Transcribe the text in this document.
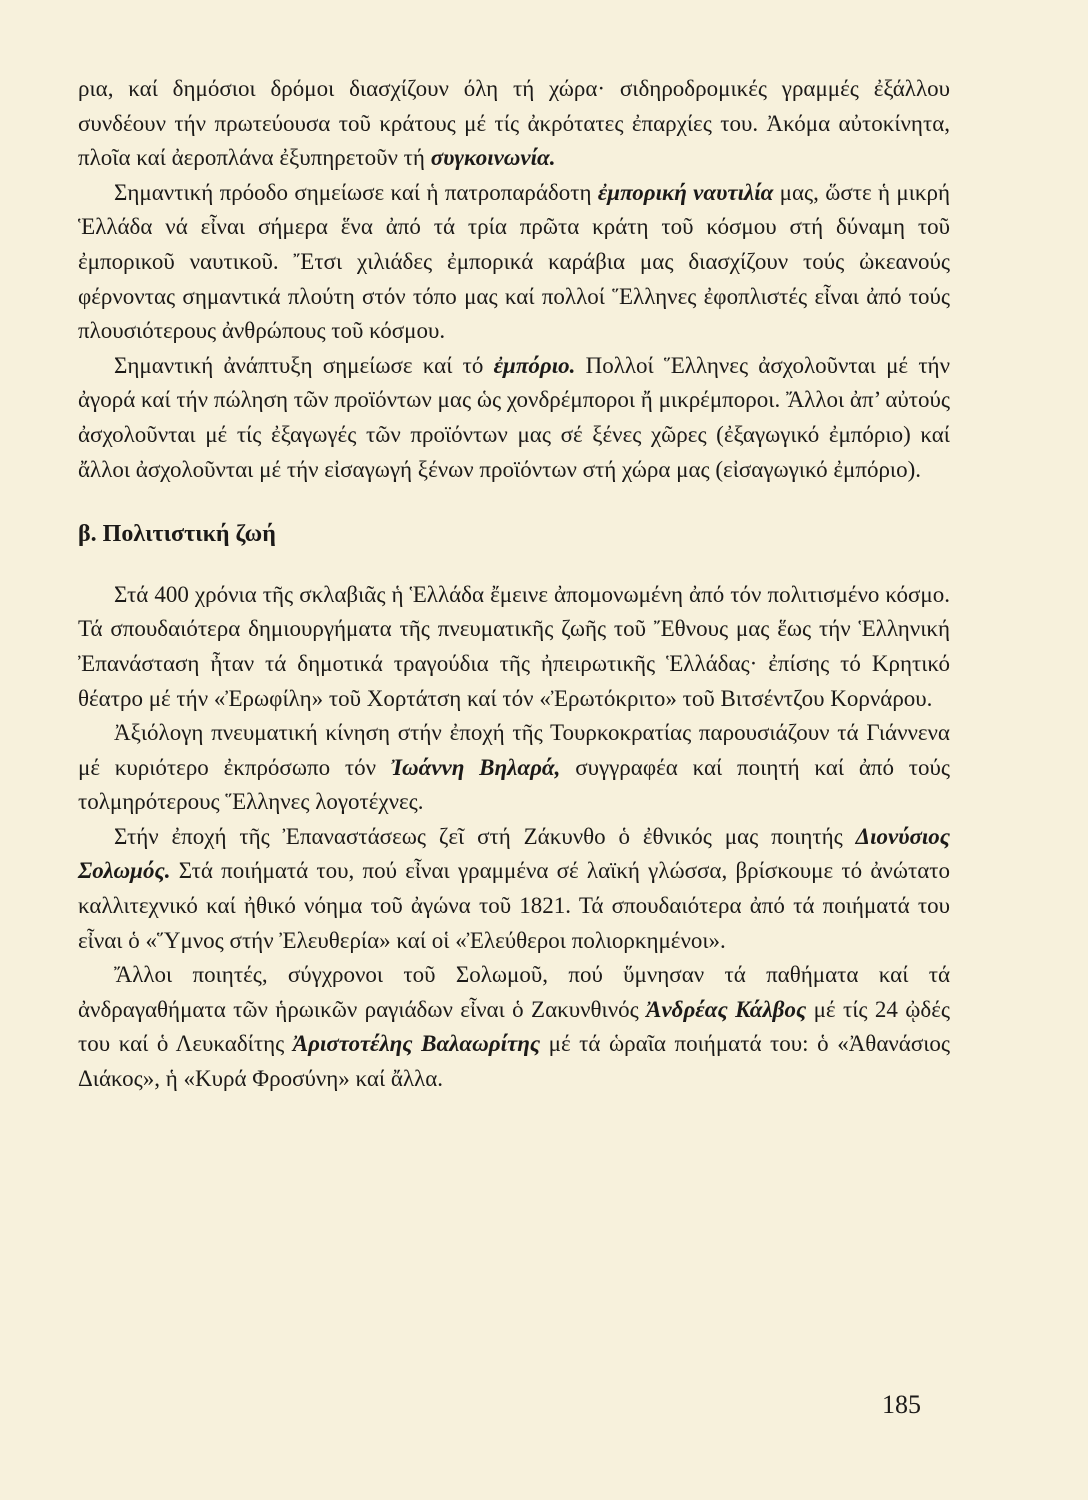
ρια, καί δημόσιοι δρόμοι διασχίζουν όλη τή χώρα· σιδηροδρομικές γραμμές ἐξάλλου συνδέουν τήν πρωτεύουσα τοῦ κράτους μέ τίς ἀκρότατες ἐπαρχίες του. Ἀκόμα αὐτοκίνητα, πλοῖα καί ἀεροπλάνα ἐξυπηρετοῦν τή συγκοινωνία.

Σημαντική πρόοδο σημείωσε καί ἡ πατροπαράδοτη ἐμπορική ναυτιλία μας, ὥστε ἡ μικρή Ἑλλάδα νά εἶναι σήμερα ἕνα ἀπό τά τρία πρῶτα κράτη τοῦ κόσμου στή δύναμη τοῦ ἐμπορικοῦ ναυτικοῦ. Ἔτσι χιλιάδες ἐμπορικά καράβια μας διασχίζουν τούς ὠκεανούς φέρνοντας σημαντικά πλούτη στόν τόπο μας καί πολλοί Ἕλληνες ἐφοπλιστές εἶναι ἀπό τούς πλουσιότερους ἀνθρώπους τοῦ κόσμου.

Σημαντική ἀνάπτυξη σημείωσε καί τό ἐμπόριο. Πολλοί Ἕλληνες ἀσχολοῦνται μέ τήν ἀγορά καί τήν πώληση τῶν προϊόντων μας ὡς χονδρέμποροι ἤ μικρέμποροι. Ἄλλοι ἀπ’ αὐτούς ἀσχολοῦνται μέ τίς ἐξαγωγές τῶν προϊόντων μας σέ ξένες χῶρες (ἐξαγωγικό ἐμπόριο) καί ἄλλοι ἀσχολοῦνται μέ τήν εἰσαγωγή ξένων προϊόντων στή χώρα μας (εἰσαγωγικό ἐμπόριο).

β. Πολιτιστική ζωή

Στά 400 χρόνια τῆς σκλαβιᾶς ἡ Ἑλλάδα ἔμεινε ἀπομονωμένη ἀπό τόν πολιτισμένο κόσμο. Τά σπουδαιότερα δημιουργήματα τῆς πνευματικῆς ζωῆς τοῦ Ἔθνους μας ἕως τήν Ἑλληνική Ἐπανάσταση ἦταν τά δημοτικά τραγούδια τῆς ἠπειρωτικῆς Ἑλλάδας· ἐπίσης τό Κρητικό θέατρο μέ τήν «Ἐρωφίλη» τοῦ Χορτάτση καί τόν «Ἐρωτόκριτο» τοῦ Βιτσέντζου Κορνάρου.

Ἀξιόλογη πνευματική κίνηση στήν ἐποχή τῆς Τουρκοκρατίας παρουσιάζουν τά Γιάννενα μέ κυριότερο ἐκπρόσωπο τόν Ἰωάννη Βηλαρά, συγγραφέα καί ποιητή καί ἀπό τούς τολμηρότερους Ἕλληνες λογοτέχνες.

Στήν ἐποχή τῆς Ἐπαναστάσεως ζεῖ στή Ζάκυνθο ὁ ἐθνικός μας ποιητής Διονύσιος Σολωμός. Στά ποιήματά του, πού εἶναι γραμμένα σέ λαϊκή γλώσσα, βρίσκουμε τό ἀνώτατο καλλιτεχνικό καί ἠθικό νόημα τοῦ ἀγώνα τοῦ 1821. Τά σπουδαιότερα ἀπό τά ποιήματά του εἶναι ὁ «Ὕμνος στήν Ἐλευθερία» καί οἱ «Ἐλεύθεροι πολιορκημένοι».

Ἄλλοι ποιητές, σύγχρονοι τοῦ Σολωμοῦ, πού ὕμνησαν τά παθήματα καί τά ἀνδραγαθήματα τῶν ἡρωικῶν ραγιάδων εἶναι ὁ Ζακυνθινός Ἀνδρέας Κάλβος μέ τίς 24 ᾠδές του καί ὁ Λευκαδίτης Ἀριστοτέλης Βαλαωρίτης μέ τά ὡραῖα ποιήματά του: ὁ «Ἀθανάσιος Διάκος», ἡ «Κυρά Φροσύνη» καί ἄλλα.

185
